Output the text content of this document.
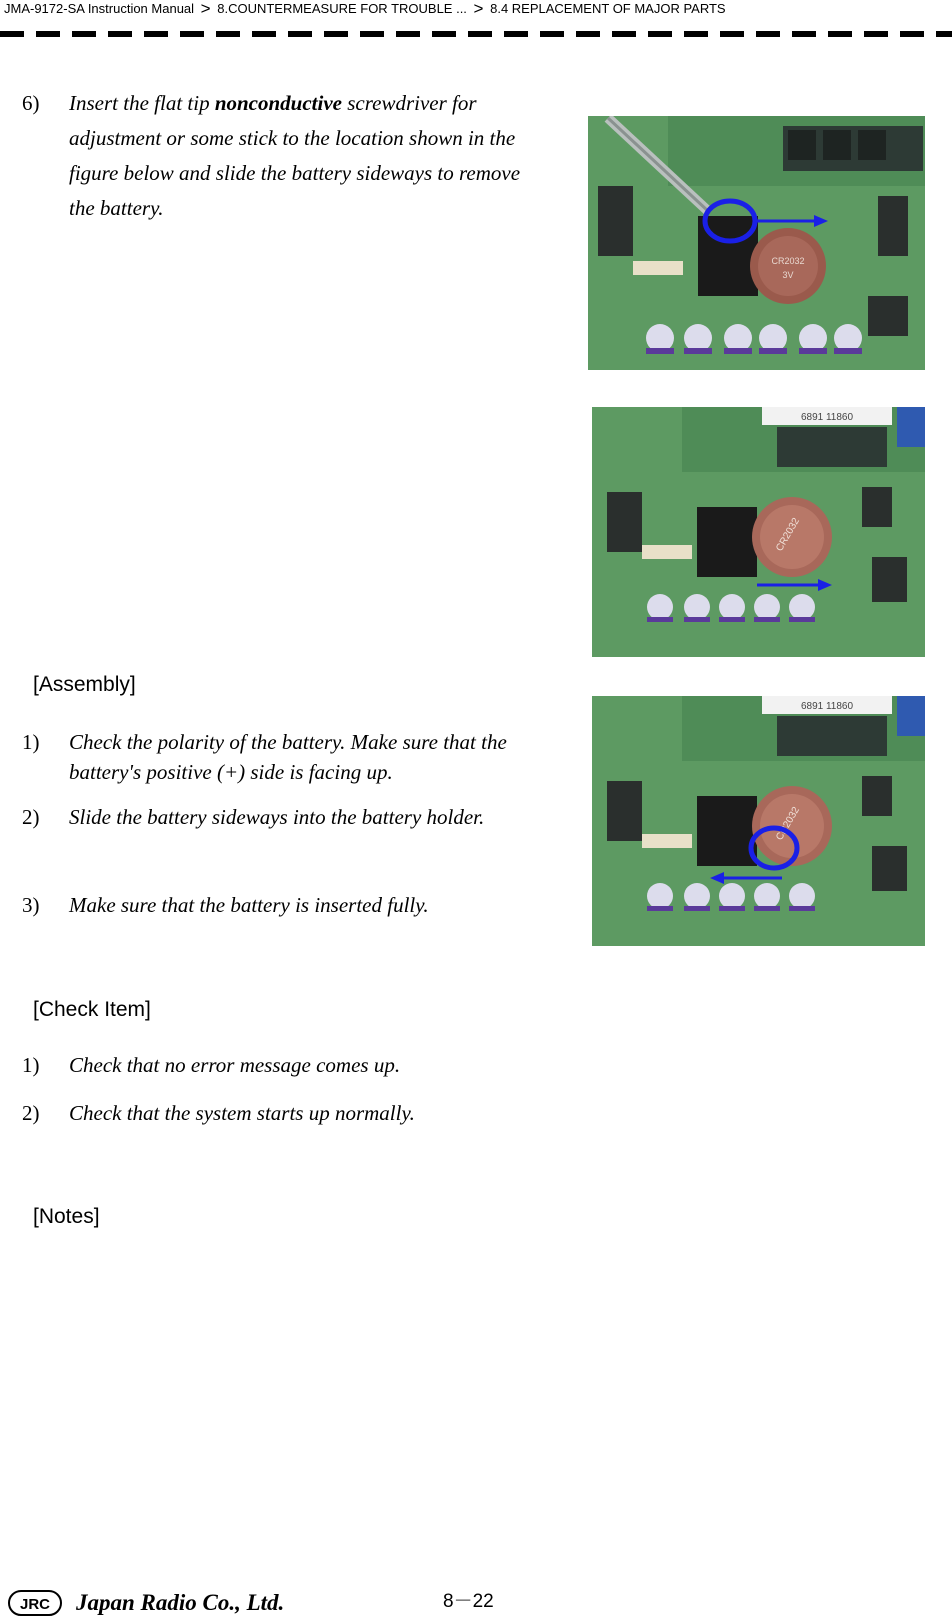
JMA-9172-SA Instruction Manual > 8.COUNTERMEASURE FOR TROUBLE ... > 8.4 REPLACEMENT OF MAJOR PARTS
6) Insert the flat tip nonconductive screwdriver for adjustment or some stick to the location shown in the figure below and slide the battery sideways to remove the battery.
CR2032
3V
6891 11860
CR2032
[Assembly]
6891 11860
CR2032
1) Check the polarity of the battery. Make sure that the battery's positive (+) side is facing up.
2) Slide the battery sideways into the battery holder.
3) Make sure that the battery is inserted fully.
[Check Item]
1) Check that no error message comes up.
2) Check that the system starts up normally.
[Notes]
JRC Japan Radio Co., Ltd.	8－22
